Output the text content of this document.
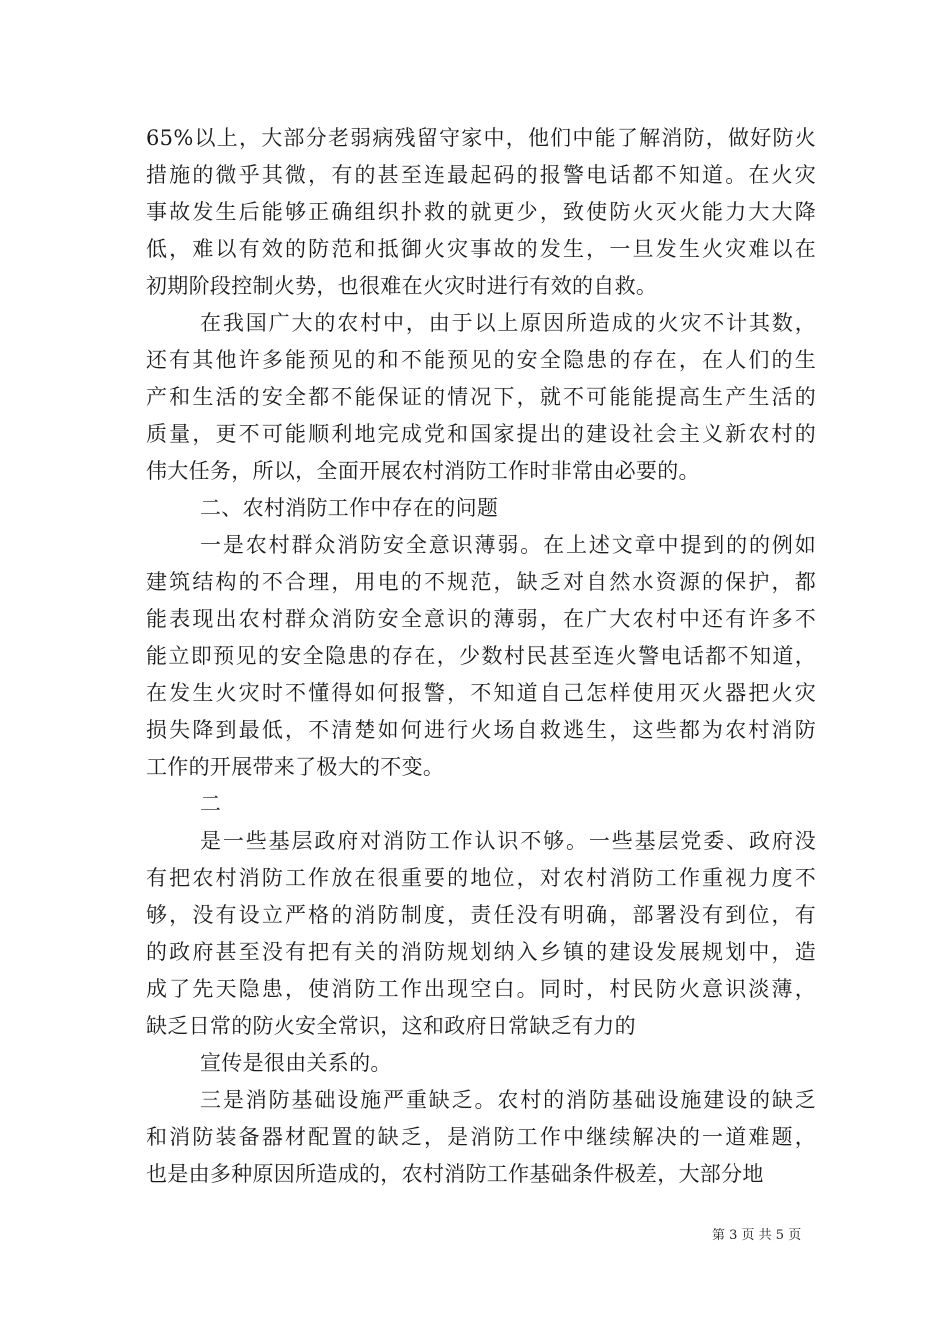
65%以上，大部分老弱病残留守家中，他们中能了解消防，做好防火
措施的微乎其微，有的甚至连最起码的报警电话都不知道。在火灾
事故发生后能够正确组织扑救的就更少，致使防火灭火能力大大降
低，难以有效的防范和抵御火灾事故的发生，一旦发生火灾难以在
初期阶段控制火势，也很难在火灾时进行有效的自救。
在我国广大的农村中，由于以上原因所造成的火灾不计其数，
还有其他许多能预见的和不能预见的安全隐患的存在，在人们的生
产和生活的安全都不能保证的情况下，就不可能能提高生产生活的
质量，更不可能顺利地完成党和国家提出的建设社会主义新农村的
伟大任务，所以，全面开展农村消防工作时非常由必要的。
二、农村消防工作中存在的问题
一是农村群众消防安全意识薄弱。在上述文章中提到的的例如
建筑结构的不合理，用电的不规范，缺乏对自然水资源的保护，都
能表现出农村群众消防安全意识的薄弱，在广大农村中还有许多不
能立即预见的安全隐患的存在，少数村民甚至连火警电话都不知道，
在发生火灾时不懂得如何报警，不知道自己怎样使用灭火器把火灾
损失降到最低，不清楚如何进行火场自救逃生，这些都为农村消防
工作的开展带来了极大的不变。
二
是一些基层政府对消防工作认识不够。一些基层党委、政府没
有把农村消防工作放在很重要的地位，对农村消防工作重视力度不
够，没有设立严格的消防制度，责任没有明确，部署没有到位，有
的政府甚至没有把有关的消防规划纳入乡镇的建设发展规划中，造
成了先天隐患，使消防工作出现空白。同时，村民防火意识淡薄，
缺乏日常的防火安全常识，这和政府日常缺乏有力的
宣传是很由关系的。
三是消防基础设施严重缺乏。农村的消防基础设施建设的缺乏
和消防装备器材配置的缺乏，是消防工作中继续解决的一道难题，
也是由多种原因所造成的，农村消防工作基础条件极差，大部分地
第 3 页 共 5 页
